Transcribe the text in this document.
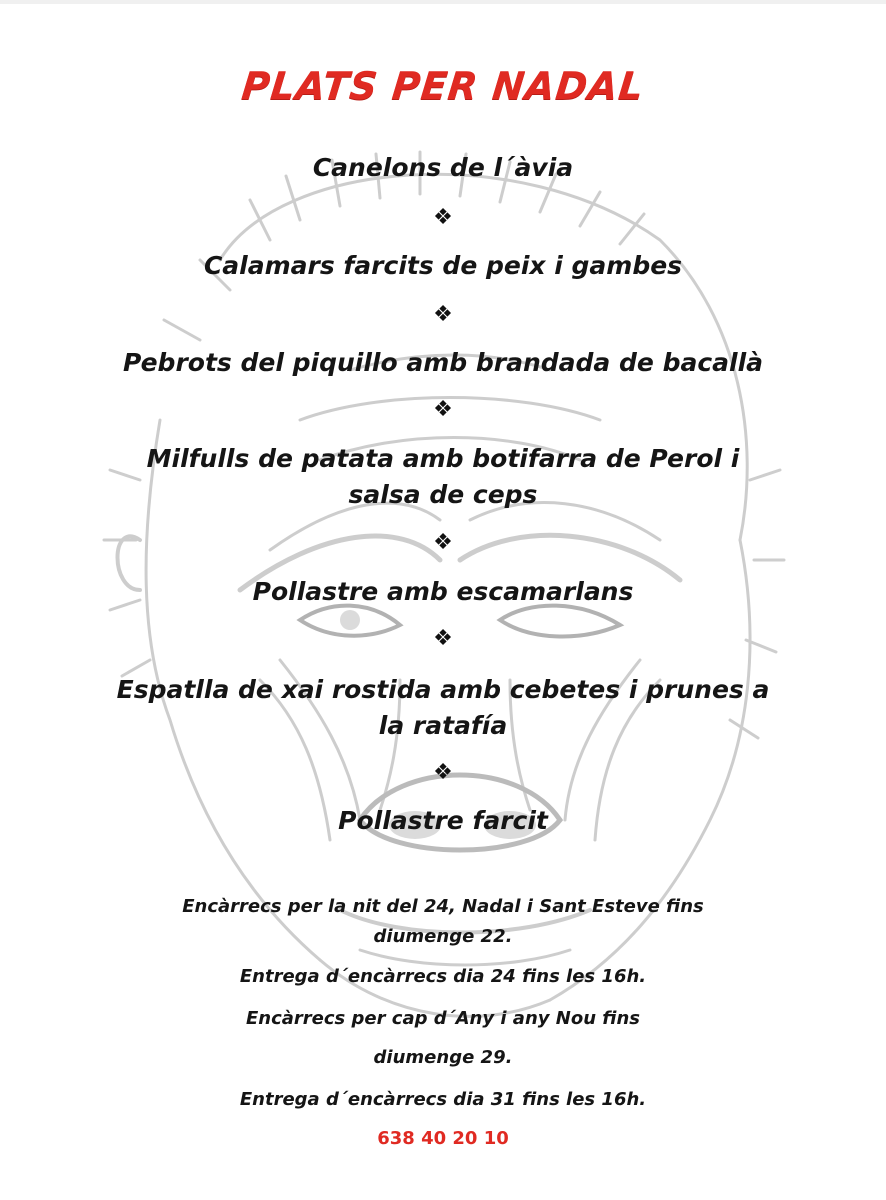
PLATS PER NADAL
Canelons de l´àvia
❖
Calamars farcits de peix i gambes
❖
Pebrots del piquillo amb brandada de bacallà
❖
Milfulls de patata amb botifarra de Perol i salsa de ceps
❖
Pollastre amb escamarlans
❖
Espatlla de xai rostida amb cebetes i prunes a la ratafía
❖
Pollastre farcit
Encàrrecs per la nit del 24, Nadal i Sant Esteve fins diumenge 22.
Entrega d´encàrrecs dia 24 fins les 16h.
Encàrrecs per cap d´Any i any Nou fins
diumenge 29.
Entrega d´encàrrecs dia 31 fins les 16h.
638 40 20 10
